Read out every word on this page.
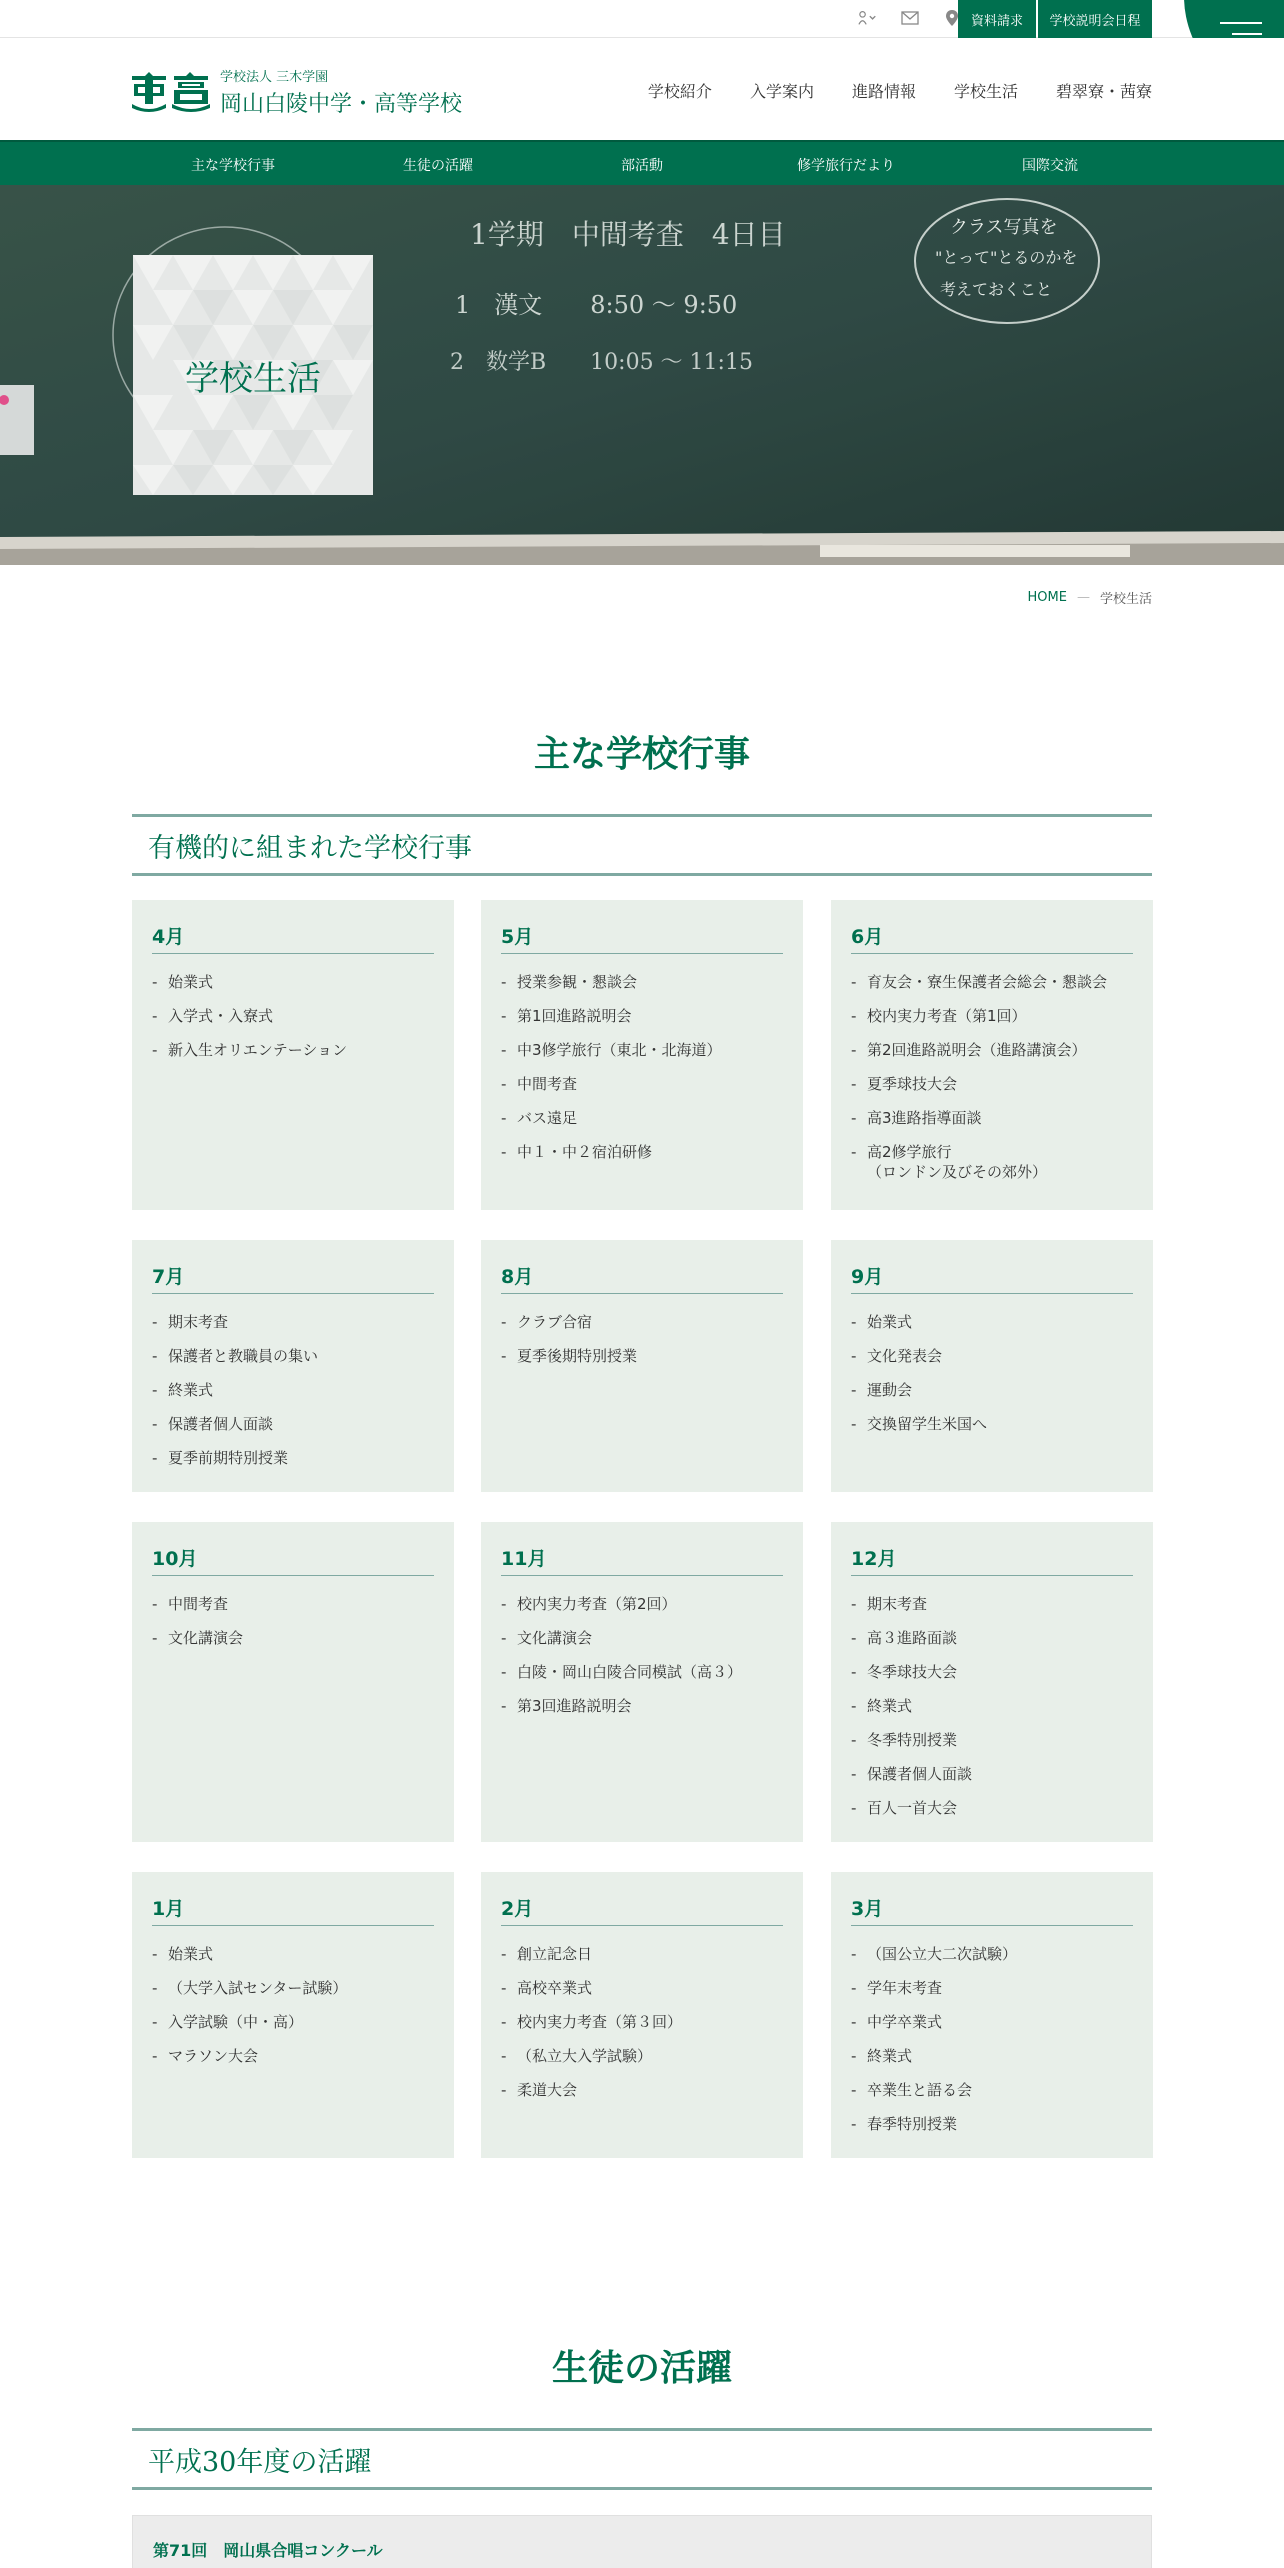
資料請求	学校説明会日程
学校法人 三木学園
岡山白陵中学・高等学校
学校紹介 入学案内 進路情報 学校生活 碧翠寮・茜寮
主な学校行事	生徒の活躍	部活動	修学旅行だより	国際交流
1学期　中間考査　4日目
1　漢文　　8:50 〜 9:50
2　数学B　　10:05 〜 11:15
クラス写真を
"とって"とるのかを
考えておくこと
学校生活
HOME — 学校生活
主な学校行事
有機的に組まれた学校行事
4月
- 始業式
- 入学式・入寮式
- 新入生オリエンテーション
5月
- 授業参観・懇談会
- 第1回進路説明会
- 中3修学旅行（東北・北海道）
- 中間考査
- バス遠足
- 中１・中２宿泊研修
6月
- 育友会・寮生保護者会総会・懇談会
- 校内実力考査（第1回）
- 第2回進路説明会（進路講演会）
- 夏季球技大会
- 高3進路指導面談
- 高2修学旅行
（ロンドン及びその郊外）
7月
- 期末考査
- 保護者と教職員の集い
- 終業式
- 保護者個人面談
- 夏季前期特別授業
8月
- クラブ合宿
- 夏季後期特別授業
9月
- 始業式
- 文化発表会
- 運動会
- 交換留学生米国へ
10月
- 中間考査
- 文化講演会
11月
- 校内実力考査（第2回）
- 文化講演会
- 白陵・岡山白陵合同模試（高３）
- 第3回進路説明会
12月
- 期末考査
- 高３進路面談
- 冬季球技大会
- 終業式
- 冬季特別授業
- 保護者個人面談
- 百人一首大会
1月
- 始業式
- （大学入試センター試験）
- 入学試験（中・高）
- マラソン大会
2月
- 創立記念日
- 高校卒業式
- 校内実力考査（第３回）
- （私立大入学試験）
- 柔道大会
3月
- （国公立大二次試験）
- 学年末考査
- 中学卒業式
- 終業式
- 卒業生と語る会
- 春季特別授業
生徒の活躍
平成30年度の活躍
第71回　岡山県合唱コンクール
